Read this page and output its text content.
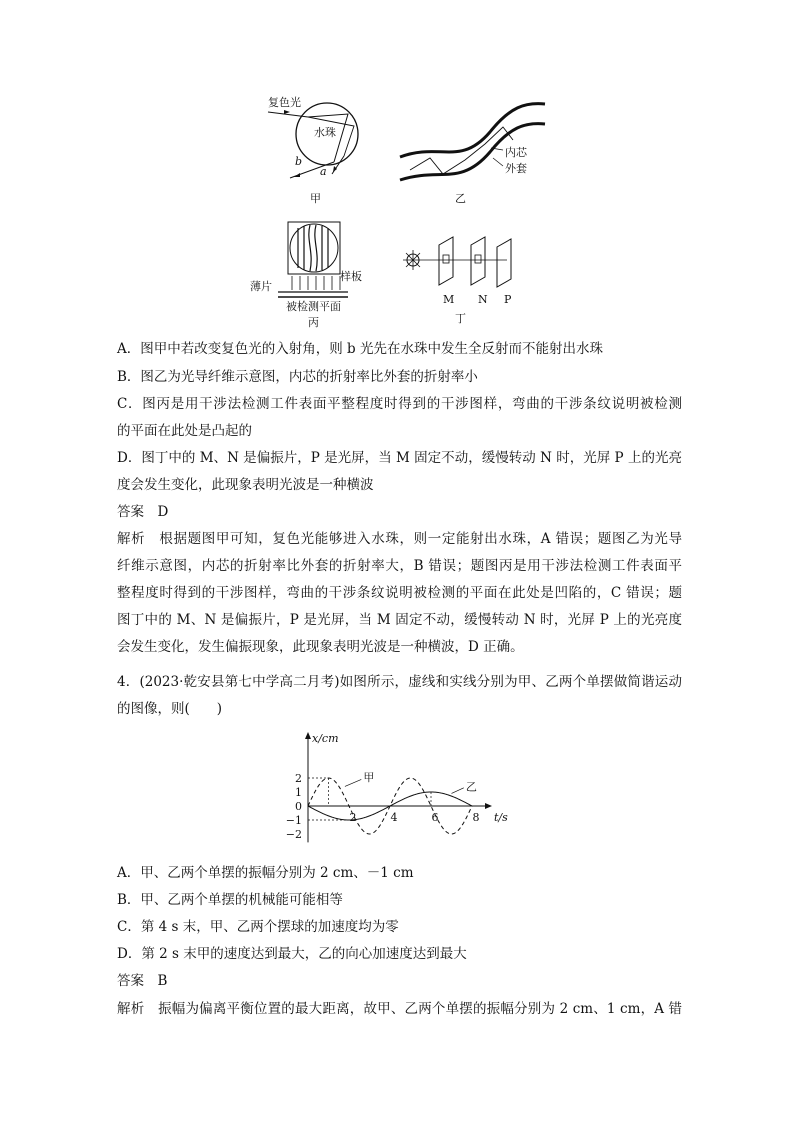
复色光
水珠
b
a
甲
内芯
外套
乙
样板
薄片
被检测平面
丙
M N P
丁
A．图甲中若改变复色光的入射角，则 b 光先在水珠中发生全反射而不能射出水珠
B．图乙为光导纤维示意图，内芯的折射率比外套的折射率小
C．图丙是用干涉法检测工件表面平整程度时得到的干涉图样，弯曲的干涉条纹说明被检测
的平面在此处是凸起的
D．图丁中的 M、N 是偏振片，P 是光屏，当 M 固定不动，缓慢转动 N 时，光屏 P 上的光亮
度会发生变化，此现象表明光波是一种横波
答案　D
解析　根据题图甲可知，复色光能够进入水珠，则一定能射出水珠，A 错误；题图乙为光导
纤维示意图，内芯的折射率比外套的折射率大，B 错误；题图丙是用干涉法检测工件表面平
整程度时得到的干涉图样，弯曲的干涉条纹说明被检测的平面在此处是凹陷的，C 错误；题
图丁中的 M、N 是偏振片，P 是光屏，当 M 固定不动，缓慢转动 N 时，光屏 P 上的光亮度
会发生变化，发生偏振现象，此现象表明光波是一种横波，D 正确。
4．(2023·乾安县第七中学高二月考)如图所示，虚线和实线分别为甲、乙两个单摆做简谐运动
的图像，则(　　)
2
1
0
−1
−2
2	4	6	8
x/cm
t/s
甲
乙
A．甲、乙两个单摆的振幅分别为 2 cm、－1 cm
B．甲、乙两个单摆的机械能可能相等
C．第 4 s 末，甲、乙两个摆球的加速度均为零
D．第 2 s 末甲的速度达到最大，乙的向心加速度达到最大
答案　B
解析　振幅为偏离平衡位置的最大距离，故甲、乙两个单摆的振幅分别为 2 cm、1 cm，A 错
